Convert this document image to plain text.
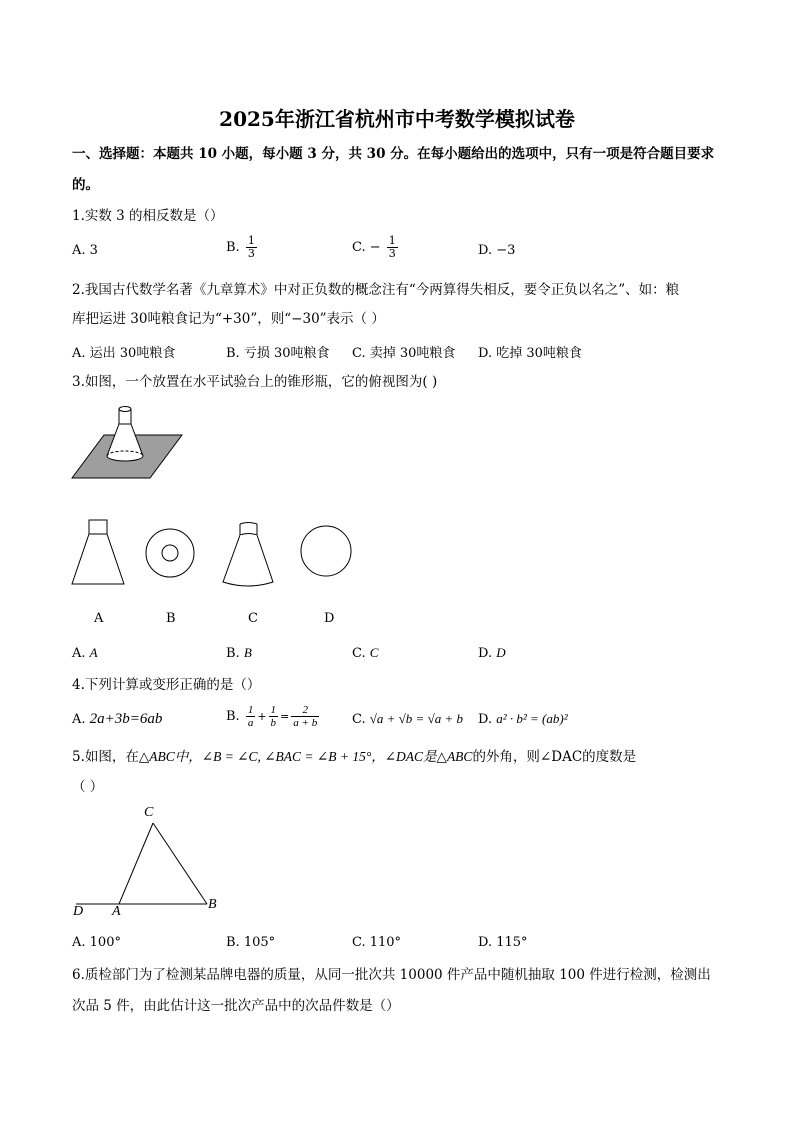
2025年浙江省杭州市中考数学模拟试卷
一、选择题：本题共 10 小题，每小题 3 分，共 30 分。在每小题给出的选项中，只有一项是符合题目要求
的。
1.实数 3 的相反数是（）
A. 3	B. $\frac{1}{3}$	C. − $\frac{1}{3}$	D. −3
2.我国古代数学名著《九章算术》中对正负数的概念注有“今两算得失相反，要令正负以名之”、如：粮
库把运进 30吨粮食记为“+30”，则“−30”表示（ ）
A. 运出 30吨粮食	B. 亏损 30吨粮食 C. 卖掉 30吨粮食 D. 吃掉 30吨粮食
3.如图，一个放置在水平试验台上的锥形瓶，它的俯视图为( )
A	B	C	D
A. A	B. B	C. C	D. D
4.下列计算或变形正确的是（）
A. 2a+3b=6ab	B. $\frac{1}{a} + \frac{1}{b} = \frac{2}{a + b}$	C. √a + √b = √a + b D. a² · b² = (ab)²
5.如图，在△ABC中，∠B = ∠C, ∠BAC = ∠B + 15°，∠DAC是△ABC的外角，则∠DAC的度数是
（ ）
C
D A	B
A. 100°	B. 105°	C. 110°	D. 115°
6.质检部门为了检测某品牌电器的质量，从同一批次共 10000 件产品中随机抽取 100 件进行检测，检测出
次品 5 件，由此估计这一批次产品中的次品件数是（）
